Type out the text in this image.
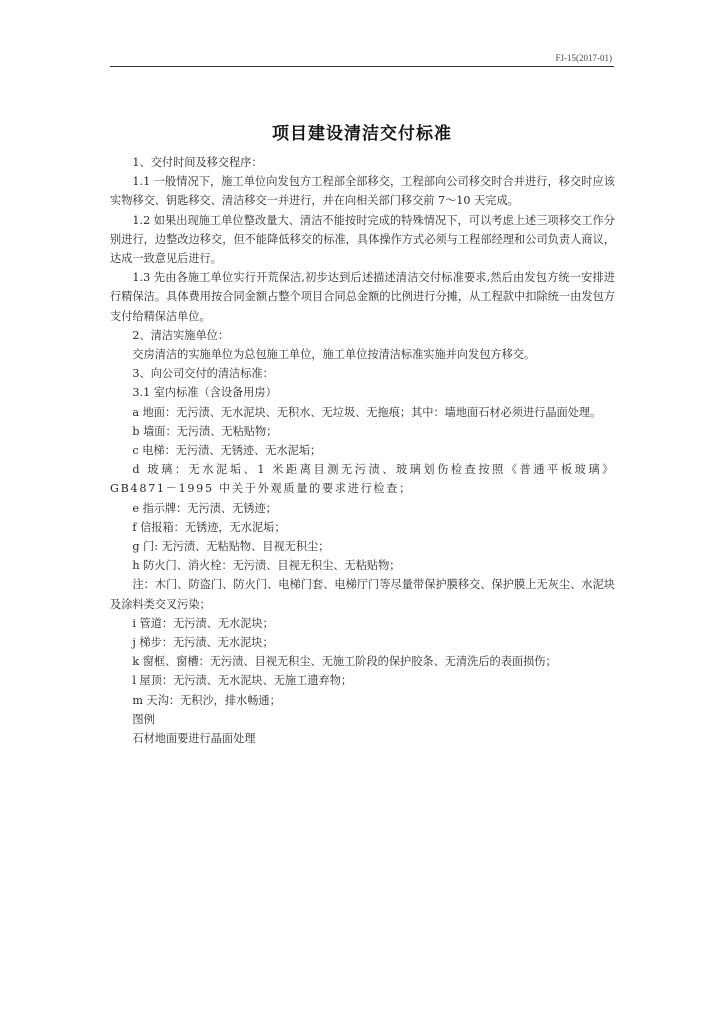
FJ-15(2017-01)
项目建设清洁交付标准

1、交付时间及移交程序：

1.1 一般情况下，施工单位向发包方工程部全部移交，工程部向公司移交时合并进行，移交时应该实物移交、钥匙移交、清洁移交一并进行，并在向相关部门移交前 7～10 天完成。

1.2 如果出现施工单位整改量大、清洁不能按时完成的特殊情况下，可以考虑上述三项移交工作分别进行，边整改边移交，但不能降低移交的标准，具体操作方式必须与工程部经理和公司负责人商议，达成一致意见后进行。

1.3 先由各施工单位实行开荒保洁,初步达到后述描述清洁交付标准要求,然后由发包方统一安排进行精保洁。具体费用按合同金额占整个项目合同总金额的比例进行分摊，从工程款中扣除统一由发包方支付给精保洁单位。

2、清洁实施单位：

交房清洁的实施单位为总包施工单位，施工单位按清洁标准实施并向发包方移交。

3、向公司交付的清洁标准：

3.1 室内标准（含设备用房）

a 地面：无污渍、无水泥块、无积水、无垃圾、无拖痕；其中：墙地面石材必须进行晶面处理。

b 墙面：无污渍、无粘贴物；

c 电梯：无污渍、无锈迹、无水泥垢；

d 玻璃：无水泥垢、1 米距离目测无污渍、玻璃划伤检查按照《普通平板玻璃》GB4871－1995 中关于外观质量的要求进行检查；

e 指示牌：无污渍、无锈迹；

f 信报箱：无锈迹，无水泥垢；

g 门: 无污渍、无粘贴物、目视无积尘；

h 防火门、消火栓：无污渍、目视无积尘、无粘贴物；

注：木门、防盗门、防火门、电梯门套、电梯厅门等尽量带保护膜移交、保护膜上无灰尘、水泥块及涂料类交叉污染；

i 管道：无污渍、无水泥块；

j 梯步：无污渍、无水泥块；

k 窗框、窗槽：无污渍、目视无积尘、无施工阶段的保护胶条、无清洗后的表面损伤；

l 屋顶：无污渍、无水泥块、无施工遗弃物；

m 天沟：无积沙，排水畅通；

图例

石材地面要进行晶面处理
